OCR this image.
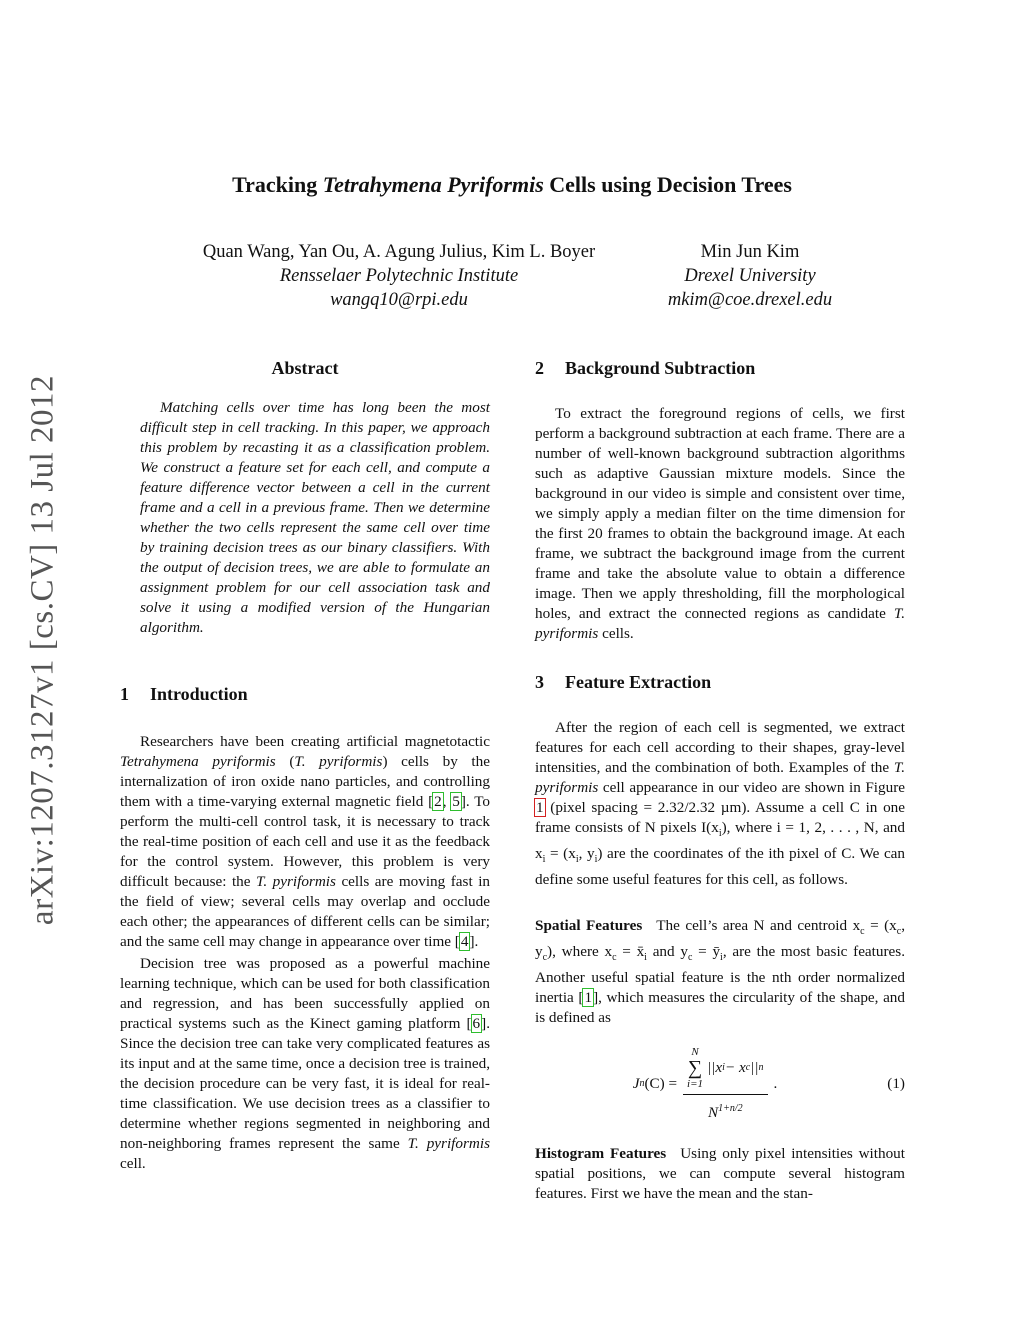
arXiv:1207.3127v1 [cs.CV] 13 Jul 2012
Tracking Tetrahymena Pyriformis Cells using Decision Trees
Quan Wang, Yan Ou, A. Agung Julius, Kim L. Boyer
Rensselaer Polytechnic Institute
wangq10@rpi.edu
Min Jun Kim
Drexel University
mkim@coe.drexel.edu
Abstract

Matching cells over time has long been the most difficult step in cell tracking. In this paper, we approach this problem by recasting it as a classification problem. We construct a feature set for each cell, and compute a feature difference vector between a cell in the current frame and a cell in a previous frame. Then we determine whether the two cells represent the same cell over time by training decision trees as our binary classifiers. With the output of decision trees, we are able to formulate an assignment problem for our cell association task and solve it using a modified version of the Hungarian algorithm.

1 Introduction

Researchers have been creating artificial magnetotactic Tetrahymena pyriformis (T. pyriformis) cells by the internalization of iron oxide nano particles, and controlling them with a time-varying external magnetic field [2, 5]. To perform the multi-cell control task, it is necessary to track the real-time position of each cell and use it as the feedback for the control system. However, this problem is very difficult because: the T. pyriformis cells are moving fast in the field of view; several cells may overlap and occlude each other; the appearances of different cells can be similar; and the same cell may change in appearance over time [4].

Decision tree was proposed as a powerful machine learning technique, which can be used for both classification and regression, and has been successfully applied on practical systems such as the Kinect gaming platform [6]. Since the decision tree can take very complicated features as its input and at the same time, once a decision tree is trained, the decision procedure can be very fast, it is ideal for real-time classification. We use decision trees as a classifier to determine whether regions segmented in neighboring and non-neighboring frames represent the same T. pyriformis cell.

2 Background Subtraction

To extract the foreground regions of cells, we first perform a background subtraction at each frame. There are a number of well-known background subtraction algorithms such as adaptive Gaussian mixture models. Since the background in our video is simple and consistent over time, we simply apply a median filter on the time dimension for the first 20 frames to obtain the background image. At each frame, we subtract the background image from the current frame and take the absolute value to obtain a difference image. Then we apply thresholding, fill the morphological holes, and extract the connected regions as candidate T. pyriformis cells.

3 Feature Extraction

After the region of each cell is segmented, we extract features for each cell according to their shapes, gray-level intensities, and the combination of both. Examples of the T. pyriformis cell appearance in our video are shown in Figure 1 (pixel spacing = 2.32/2.32 µm). Assume a cell C in one frame consists of N pixels $I(x_i)$, where i = 1, 2, . . . , N, and $x_i = (x_i$, $y_i$) are the coordinates of the ith pixel of C. We can define some useful features for this cell, as follows.

Spatial Features The cell’s area N and centroid $x_c = (x_c$, $y_c$), where $x_c$ = $x̄_i$ and $y_c$ = $ȳ_i$, are the most basic features. Another useful spatial feature is the nth order normalized inertia [1], which measures the circularity of the shape, and is defined as

J n (C) = N
∑
i=1
||x i − x c || n
$N^{1+n/2}$ .	(1)

Histogram Features Using only pixel intensities without spatial positions, we can compute several histogram features. First we have the mean and the stan-
